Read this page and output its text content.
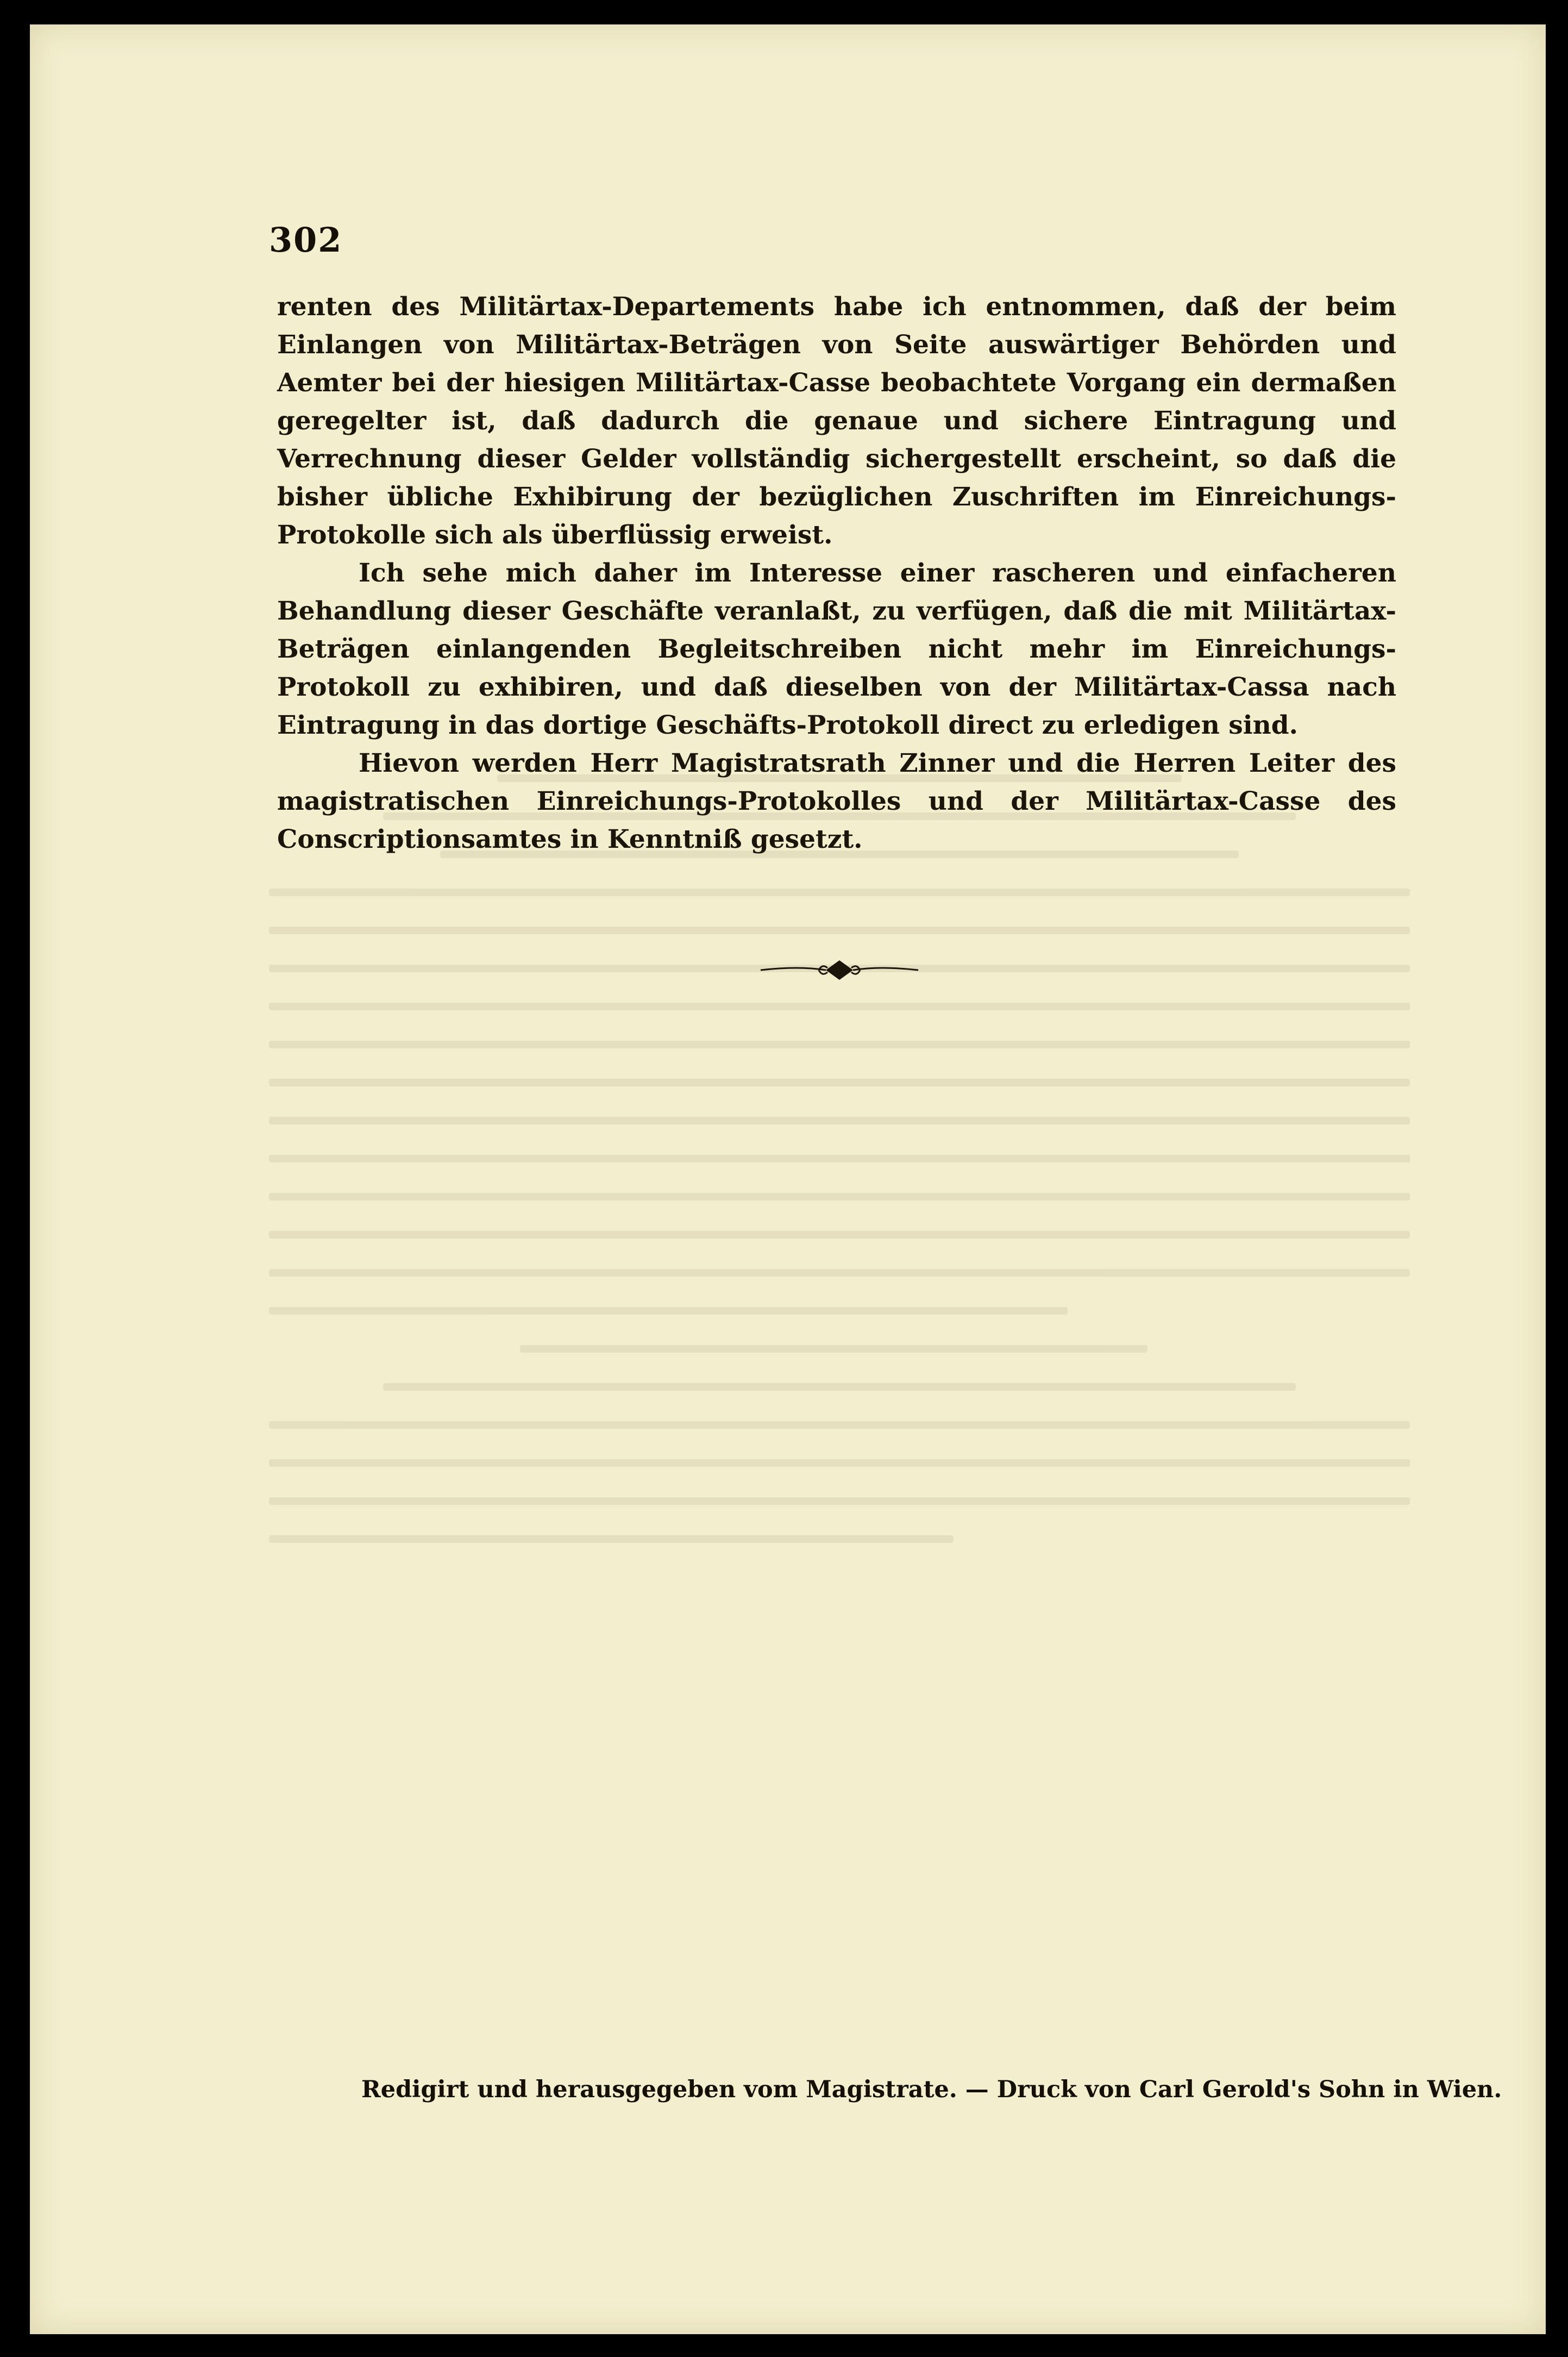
302

renten des Militärtax-Departements habe ich entnommen, daß der beim Einlangen von Militärtax-Beträgen von Seite auswärtiger Behörden und Aemter bei der hiesigen Militärtax-Casse beobachtete Vorgang ein dermaßen geregelter ist, daß dadurch die genaue und sichere Eintragung und Verrechnung dieser Gelder vollständig sichergestellt erscheint, so daß die bisher übliche Exhibirung der bezüglichen Zuschriften im Einreichungs-Protokolle sich als überflüssig erweist.

Ich sehe mich daher im Interesse einer rascheren und einfacheren Behandlung dieser Geschäfte veranlaßt, zu verfügen, daß die mit Militärtax-Beträgen einlangenden Begleitschreiben nicht mehr im Einreichungs-Protokoll zu exhibiren, und daß dieselben von der Militärtax-Cassa nach Eintragung in das dortige Geschäfts-Protokoll direct zu erledigen sind.

Hievon werden Herr Magistratsrath Zinner und die Herren Leiter des magistratischen Einreichungs-Protokolles und der Militärtax-Casse des Conscriptionsamtes in Kenntniß gesetzt.

Redigirt und herausgegeben vom Magistrate. — Druck von Carl Gerold's Sohn in Wien.
